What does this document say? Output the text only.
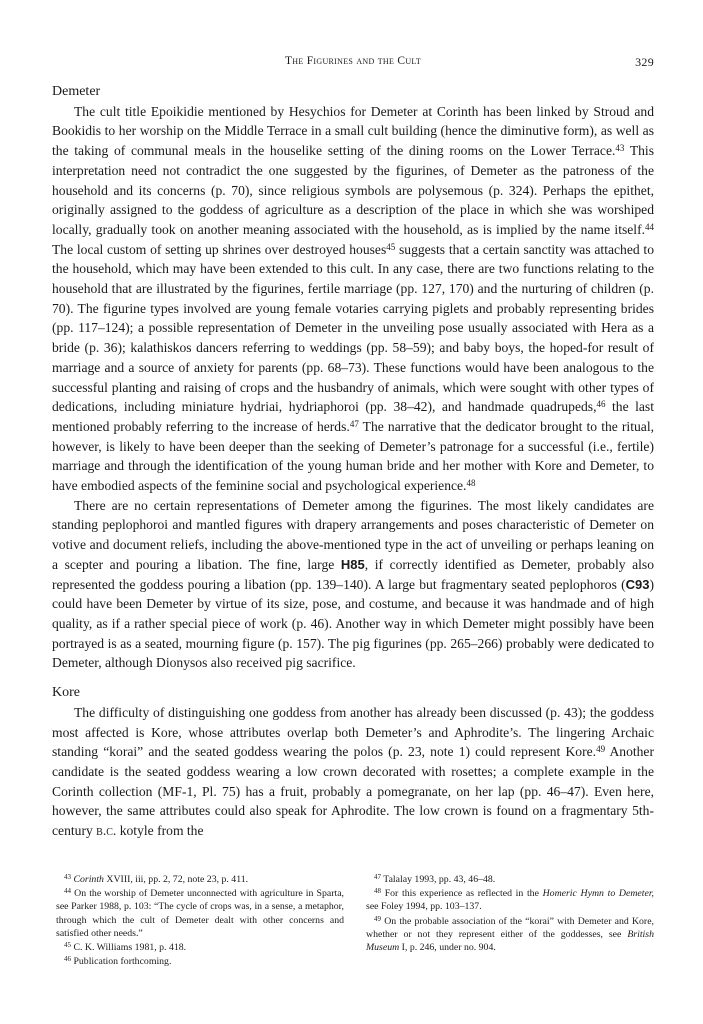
The Figurines and the Cult	329

Demeter

The cult title Epoikidie mentioned by Hesychios for Demeter at Corinth has been linked by Stroud and Bookidis to her worship on the Middle Terrace in a small cult building (hence the diminutive form), as well as the taking of communal meals in the houselike setting of the dining rooms on the Lower Terrace.$^{43}$ This interpretation need not contradict the one suggested by the figurines, of Demeter as the patroness of the household and its concerns (p. 70), since religious symbols are polysemous (p. 324). Perhaps the epithet, originally assigned to the goddess of agriculture as a description of the place in which she was worshiped locally, gradually took on another meaning associated with the household, as is implied by the name itself.$^{44}$ The local custom of setting up shrines over destroyed houses$^{45}$ suggests that a certain sanctity was attached to the household, which may have been extended to this cult. In any case, there are two functions relating to the household that are illustrated by the figurines, fertile marriage (pp. 127, 170) and the nurturing of children (p. 70). The figurine types involved are young female votaries carrying piglets and probably representing brides (pp. 117–124); a possible representation of Demeter in the unveiling pose usually associated with Hera as a bride (p. 36); kalathiskos dancers referring to weddings (pp. 58–59); and baby boys, the hoped-for result of marriage and a source of anxiety for parents (pp. 68–73). These functions would have been analogous to the successful planting and raising of crops and the husbandry of animals, which were sought with other types of dedications, including miniature hydriai, hydriaphoroi (pp. 38–42), and handmade quadrupeds,$^{46}$ the last mentioned probably referring to the increase of herds.$^{47}$ The narrative that the dedicator brought to the ritual, however, is likely to have been deeper than the seeking of Demeter’s patronage for a successful (i.e., fertile) marriage and through the identification of the young human bride and her mother with Kore and Demeter, to have embodied aspects of the feminine social and psychological experience.$^{48}$

There are no certain representations of Demeter among the figurines. The most likely candidates are standing peplophoroi and mantled figures with drapery arrangements and poses characteristic of Demeter on votive and document reliefs, including the above-mentioned type in the act of unveiling or perhaps leaning on a scepter and pouring a libation. The fine, large H85, if correctly identified as Demeter, probably also represented the goddess pouring a libation (pp. 139–140). A large but fragmentary seated peplophoros (C93) could have been Demeter by virtue of its size, pose, and costume, and because it was handmade and of high quality, as if a rather special piece of work (p. 46). Another way in which Demeter might possibly have been portrayed is as a seated, mourning figure (p. 157). The pig figurines (pp. 265–266) probably were dedicated to Demeter, although Dionysos also received pig sacrifice.

Kore

The difficulty of distinguishing one goddess from another has already been discussed (p. 43); the goddess most affected is Kore, whose attributes overlap both Demeter’s and Aphrodite’s. The lingering Archaic standing “korai” and the seated goddess wearing the polos (p. 23, note 1) could represent Kore.$^{49}$ Another candidate is the seated goddess wearing a low crown decorated with rosettes; a complete example in the Corinth collection (MF-1, Pl. 75) has a fruit, probably a pomegranate, on her lap (pp. 46–47). Even here, however, the same attributes could also speak for Aphrodite. The low crown is found on a fragmentary 5th-century b.c. kotyle from the

$^{43}$ Corinth XVIII, iii, pp. 2, 72, note 23, p. 411.

$^{44}$ On the worship of Demeter unconnected with agriculture in Sparta, see Parker 1988, p. 103: “The cycle of crops was, in a sense, a metaphor, through which the cult of Demeter dealt with other concerns and satisfied other needs.”

$^{45}$ C. K. Williams 1981, p. 418.

$^{46}$ Publication forthcoming.

$^{47}$ Talalay 1993, pp. 43, 46–48.

$^{48}$ For this experience as reflected in the Homeric Hymn to Demeter, see Foley 1994, pp. 103–137.

$^{49}$ On the probable association of the “korai” with Demeter and Kore, whether or not they represent either of the goddesses, see British Museum I, p. 246, under no. 904.
